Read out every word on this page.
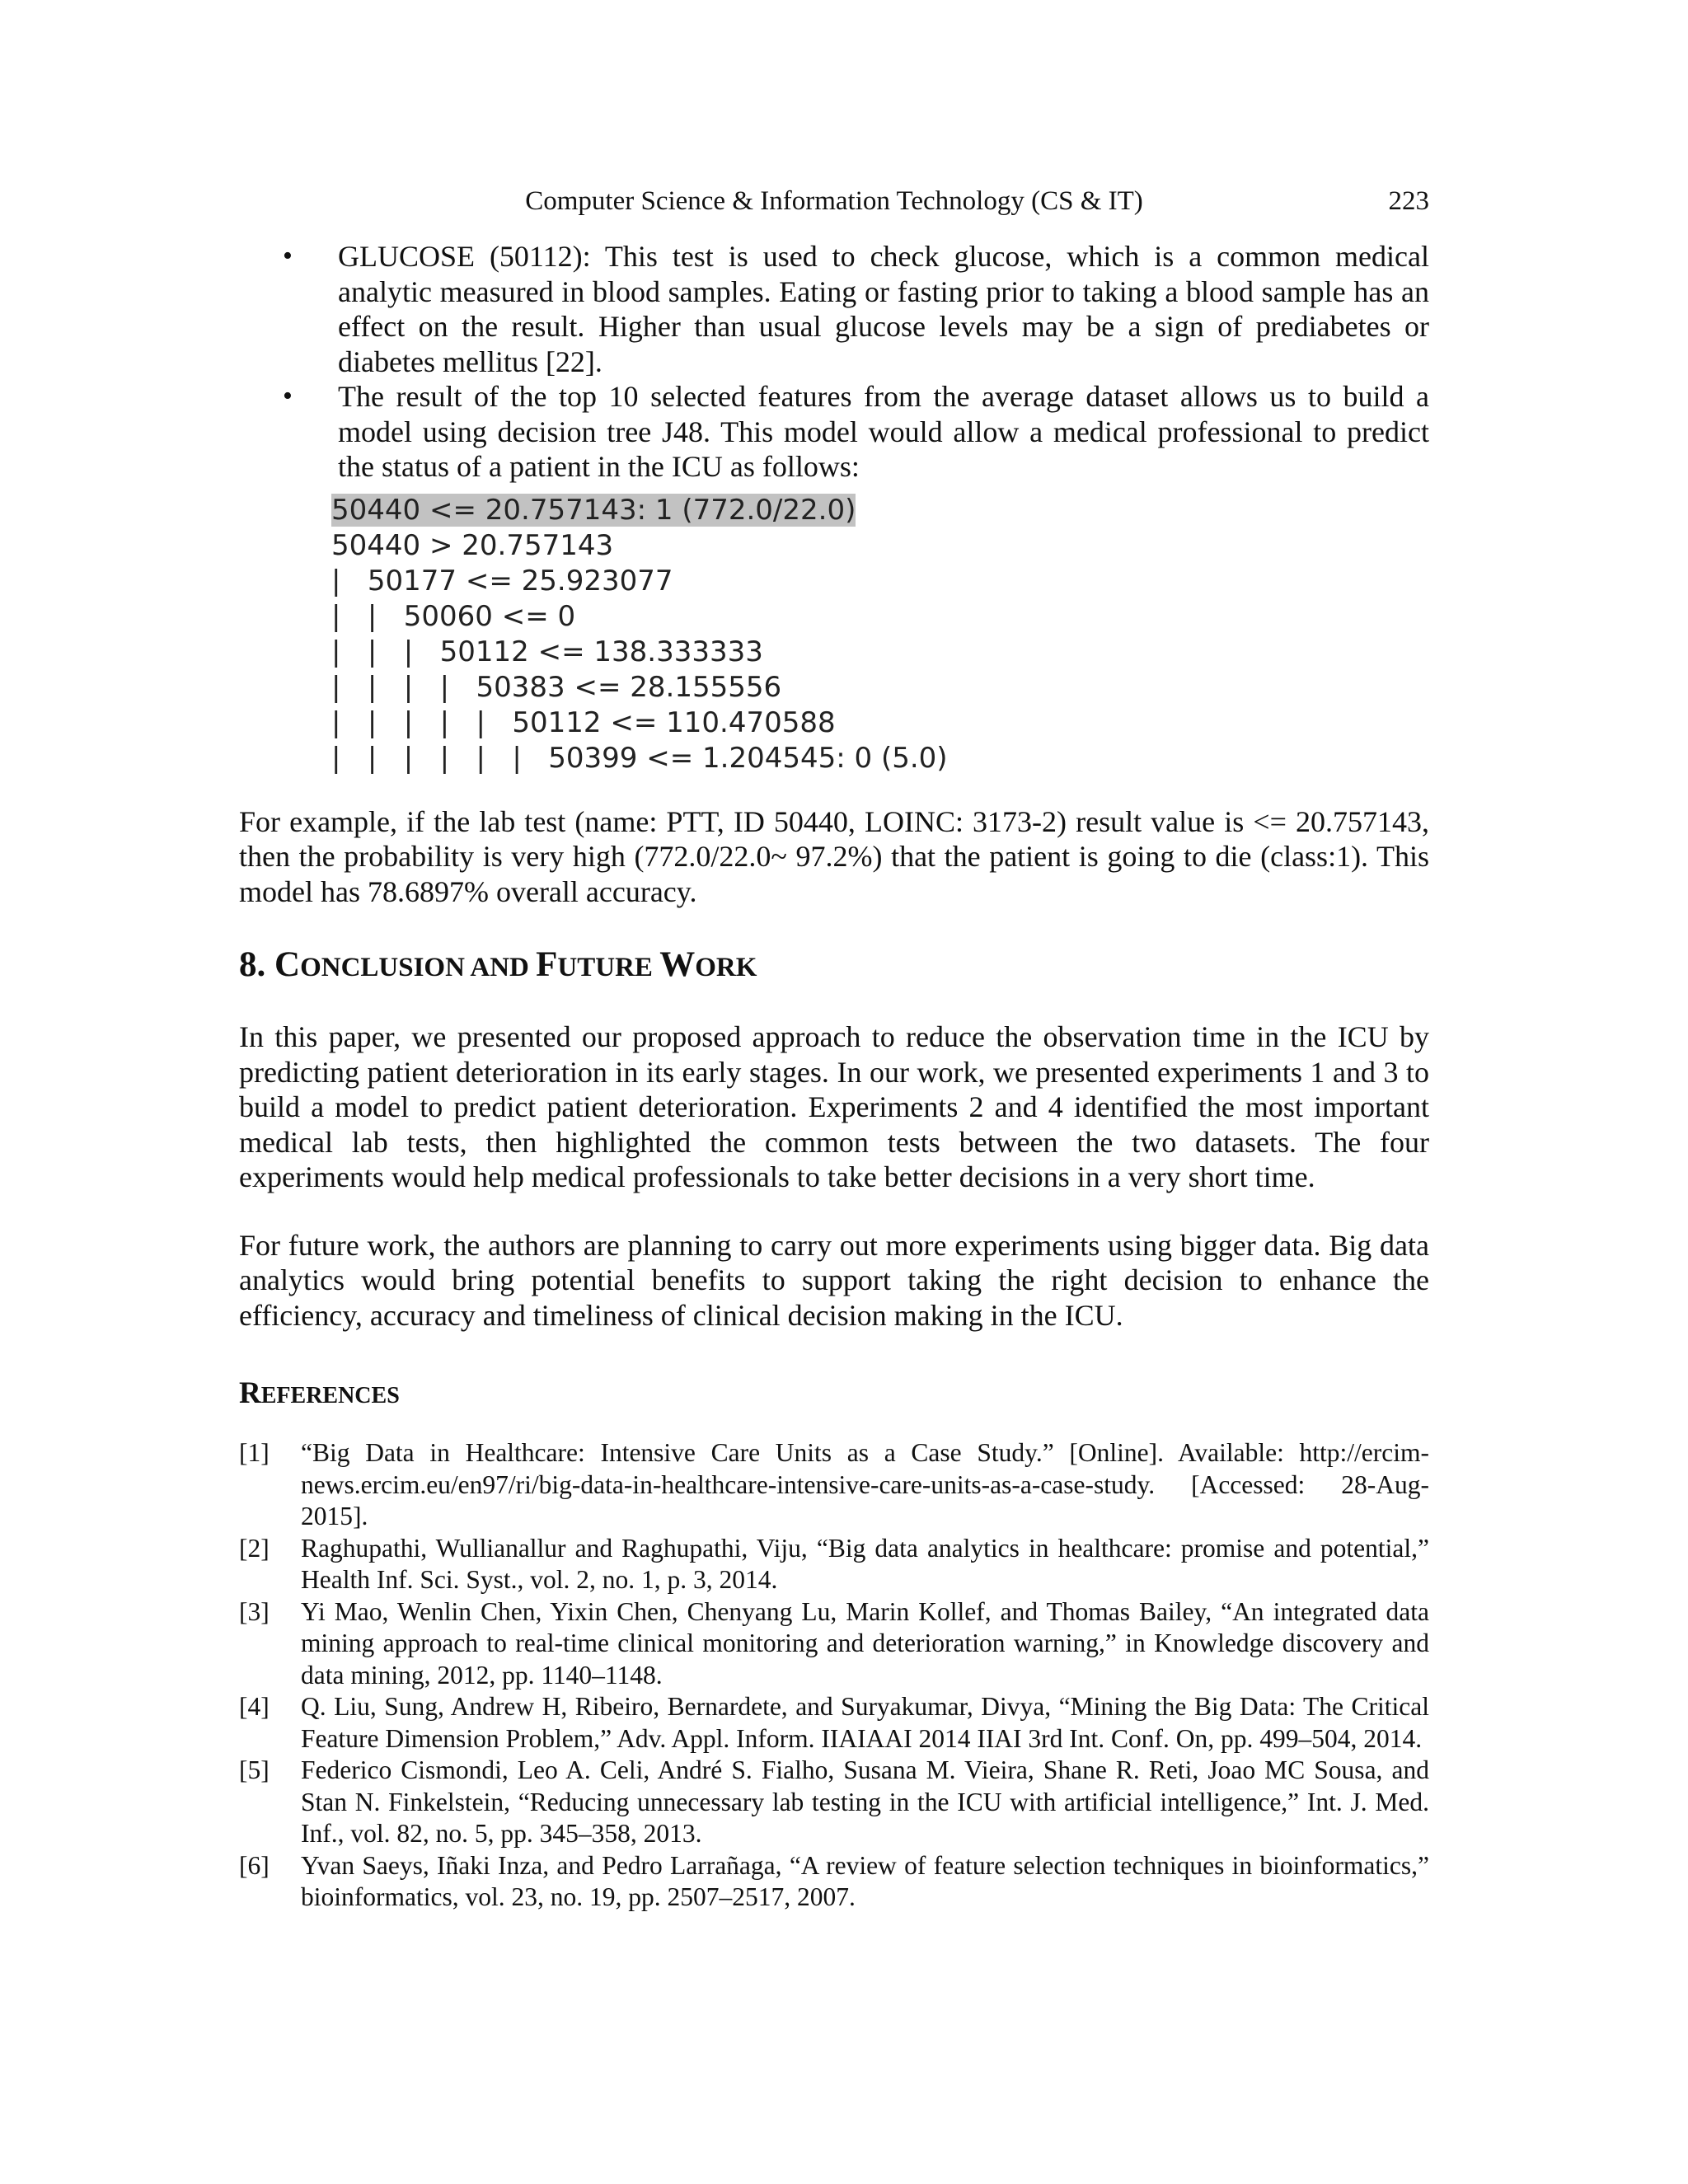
Computer Science & Information Technology (CS & IT)	223
• GLUCOSE (50112): This test is used to check glucose, which is a common medical analytic measured in blood samples. Eating or fasting prior to taking a blood sample has an effect on the result. Higher than usual glucose levels may be a sign of prediabetes or diabetes mellitus [22].
• The result of the top 10 selected features from the average dataset allows us to build a model using decision tree J48. This model would allow a medical professional to predict the status of a patient in the ICU as follows:
50440 <= 20.757143: 1 (772.0/22.0)
50440 > 20.757143
|   50177 <= 25.923077
|   |   50060 <= 0
|   |   |   50112 <= 138.333333
|   |   |   |   50383 <= 28.155556
|   |   |   |   |   50112 <= 110.470588
|   |   |   |   |   |   50399 <= 1.204545: 0 (5.0)

For example, if the lab test (name: PTT, ID 50440, LOINC: 3173-2) result value is <= 20.757143, then the probability is very high (772.0/22.0~ 97.2%) that the patient is going to die (class:1). This model has 78.6897% overall accuracy.

8. CONCLUSION AND FUTURE WORK

In this paper, we presented our proposed approach to reduce the observation time in the ICU by predicting patient deterioration in its early stages. In our work, we presented experiments 1 and 3 to build a model to predict patient deterioration. Experiments 2 and 4 identified the most important medical lab tests, then highlighted the common tests between the two datasets. The four experiments would help medical professionals to take better decisions in a very short time.

For future work, the authors are planning to carry out more experiments using bigger data. Big data analytics would bring potential benefits to support taking the right decision to enhance the efficiency, accuracy and timeliness of clinical decision making in the ICU.

REFERENCES
[1] “Big Data in Healthcare: Intensive Care Units as a Case Study.” [Online]. Available: http://ercim-news.ercim.eu/en97/ri/big-data-in-healthcare-intensive-care-units-as-a-case-study. [Accessed: 28-Aug-2015].
[2] Raghupathi, Wullianallur and Raghupathi, Viju, “Big data analytics in healthcare: promise and potential,” Health Inf. Sci. Syst., vol. 2, no. 1, p. 3, 2014.
[3] Yi Mao, Wenlin Chen, Yixin Chen, Chenyang Lu, Marin Kollef, and Thomas Bailey, “An integrated data mining approach to real-time clinical monitoring and deterioration warning,” in Knowledge discovery and data mining, 2012, pp. 1140–1148.
[4] Q. Liu, Sung, Andrew H, Ribeiro, Bernardete, and Suryakumar, Divya, “Mining the Big Data: The Critical Feature Dimension Problem,” Adv. Appl. Inform. IIAIAAI 2014 IIAI 3rd Int. Conf. On, pp. 499–504, 2014.
[5] Federico Cismondi, Leo A. Celi, André S. Fialho, Susana M. Vieira, Shane R. Reti, Joao MC Sousa, and Stan N. Finkelstein, “Reducing unnecessary lab testing in the ICU with artificial intelligence,” Int. J. Med. Inf., vol. 82, no. 5, pp. 345–358, 2013.
[6] Yvan Saeys, Iñaki Inza, and Pedro Larrañaga, “A review of feature selection techniques in bioinformatics,” bioinformatics, vol. 23, no. 19, pp. 2507–2517, 2007.
